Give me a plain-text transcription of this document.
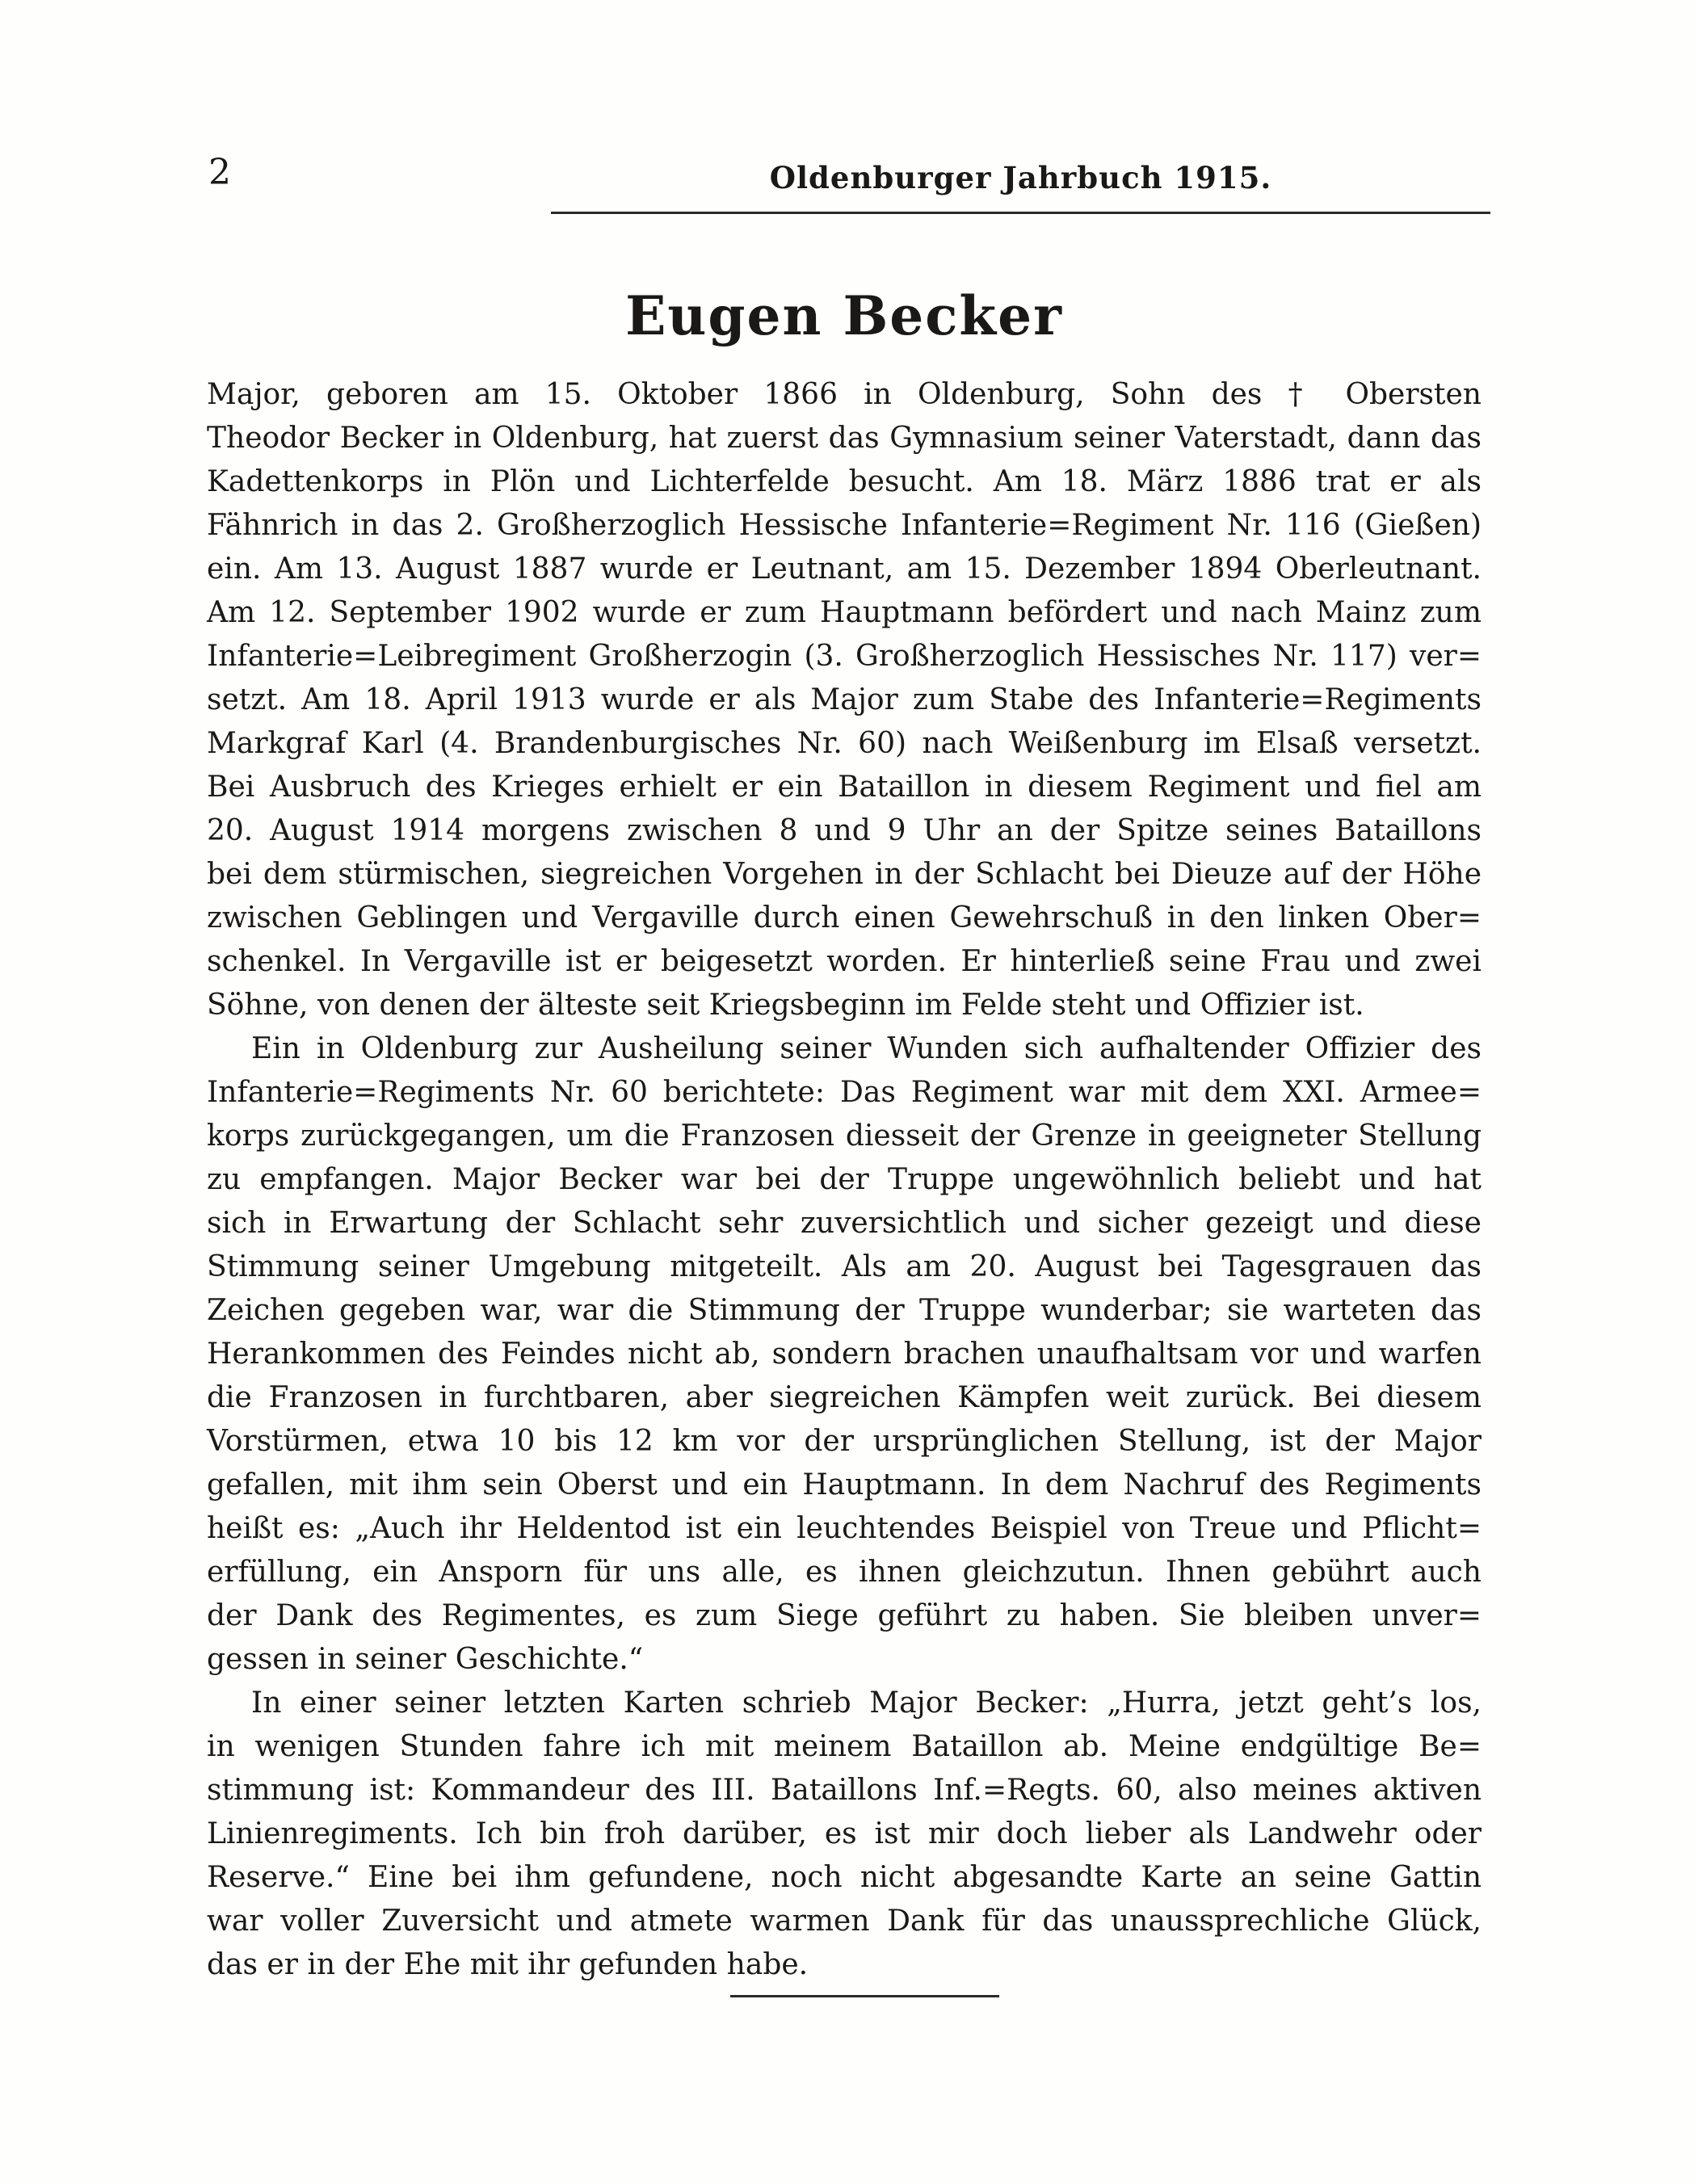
2	Oldenburger Jahrbuch 1915.
Eugen Becker
Major, geboren am 15. Oktober 1866 in Oldenburg, Sohn des † Obersten
Theodor Becker in Oldenburg, hat zuerst das Gymnasium seiner Vaterstadt, dann das
Kadettenkorps in Plön und Lichterfelde besucht. Am 18. März 1886 trat er als
Fähnrich in das 2. Großherzoglich Hessische Infanterie=Regiment Nr. 116 (Gießen)
ein. Am 13. August 1887 wurde er Leutnant, am 15. Dezember 1894 Oberleutnant.
Am 12. September 1902 wurde er zum Hauptmann befördert und nach Mainz zum
Infanterie=Leibregiment Großherzogin (3. Großherzoglich Hessisches Nr. 117) ver=
setzt. Am 18. April 1913 wurde er als Major zum Stabe des Infanterie=Regiments
Markgraf Karl (4. Brandenburgisches Nr. 60) nach Weißenburg im Elsaß versetzt.
Bei Ausbruch des Krieges erhielt er ein Bataillon in diesem Regiment und fiel am
20. August 1914 morgens zwischen 8 und 9 Uhr an der Spitze seines Bataillons
bei dem stürmischen, siegreichen Vorgehen in der Schlacht bei Dieuze auf der Höhe
zwischen Geblingen und Vergaville durch einen Gewehrschuß in den linken Ober=
schenkel. In Vergaville ist er beigesetzt worden. Er hinterließ seine Frau und zwei
Söhne, von denen der älteste seit Kriegsbeginn im Felde steht und Offizier ist.
Ein in Oldenburg zur Ausheilung seiner Wunden sich aufhaltender Offizier des
Infanterie=Regiments Nr. 60 berichtete: Das Regiment war mit dem XXI. Armee=
korps zurückgegangen, um die Franzosen diesseit der Grenze in geeigneter Stellung
zu empfangen. Major Becker war bei der Truppe ungewöhnlich beliebt und hat
sich in Erwartung der Schlacht sehr zuversichtlich und sicher gezeigt und diese
Stimmung seiner Umgebung mitgeteilt. Als am 20. August bei Tagesgrauen das
Zeichen gegeben war, war die Stimmung der Truppe wunderbar; sie warteten das
Herankommen des Feindes nicht ab, sondern brachen unaufhaltsam vor und warfen
die Franzosen in furchtbaren, aber siegreichen Kämpfen weit zurück. Bei diesem
Vorstürmen, etwa 10 bis 12 km vor der ursprünglichen Stellung, ist der Major
gefallen, mit ihm sein Oberst und ein Hauptmann. In dem Nachruf des Regiments
heißt es: „Auch ihr Heldentod ist ein leuchtendes Beispiel von Treue und Pflicht=
erfüllung, ein Ansporn für uns alle, es ihnen gleichzutun. Ihnen gebührt auch
der Dank des Regimentes, es zum Siege geführt zu haben. Sie bleiben unver=
gessen in seiner Geschichte.“
In einer seiner letzten Karten schrieb Major Becker: „Hurra, jetzt geht’s los,
in wenigen Stunden fahre ich mit meinem Bataillon ab. Meine endgültige Be=
stimmung ist: Kommandeur des III. Bataillons Inf.=Regts. 60, also meines aktiven
Linienregiments. Ich bin froh darüber, es ist mir doch lieber als Landwehr oder
Reserve.“ Eine bei ihm gefundene, noch nicht abgesandte Karte an seine Gattin
war voller Zuversicht und atmete warmen Dank für das unaussprechliche Glück,
das er in der Ehe mit ihr gefunden habe.
